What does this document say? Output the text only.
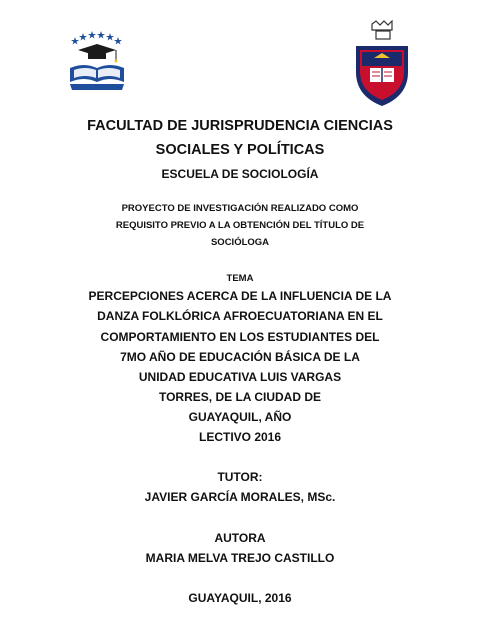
FACULTAD DE JURISPRUDENCIA CIENCIAS
SOCIALES Y POLÍTICAS
ESCUELA DE SOCIOLOGÍA
PROYECTO DE INVESTIGACIÓN REALIZADO COMO
REQUISITO PREVIO A LA OBTENCIÓN DEL TÍTULO DE
SOCIÓLOGA
TEMA
PERCEPCIONES ACERCA DE LA INFLUENCIA DE LA
DANZA FOLKLÓRICA AFROECUATORIANA EN EL
COMPORTAMIENTO EN LOS ESTUDIANTES DEL
7MO AÑO DE EDUCACIÓN BÁSICA DE LA
UNIDAD EDUCATIVA LUIS VARGAS
TORRES, DE LA CIUDAD DE
GUAYAQUIL, AÑO
LECTIVO 2016
TUTOR:
JAVIER GARCÍA MORALES, MSc.
AUTORA
MARIA MELVA TREJO CASTILLO
GUAYAQUIL, 2016
